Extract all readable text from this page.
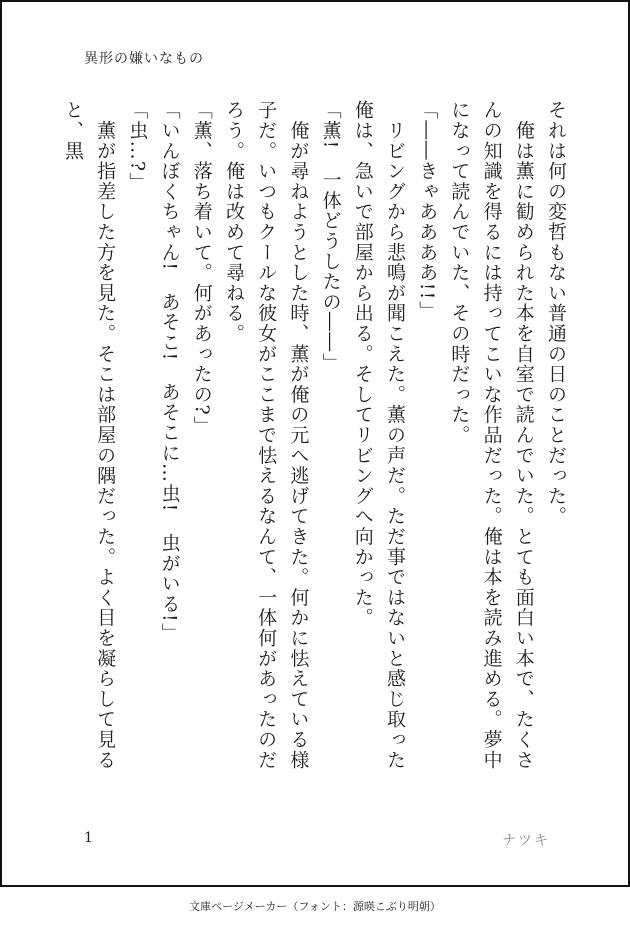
異形の嫌いなもの

それは何の変哲もない普通の日のことだった。

　俺は薫に勧められた本を自室で読んでいた。とても面白い本で、たくさんの知識を得るには持ってこいな作品だった。俺は本を読み進める。夢中になって読んでいた、その時だった。

「――きゃああああ!!」

　リビングから悲鳴が聞こえた。薫の声だ。ただ事ではないと感じ取った俺は、急いで部屋から出る。そしてリビングへ向かった。

「薫!　一体どうしたの――」

　俺が尋ねようとした時、薫が俺の元へ逃げてきた。何かに怯えている様子だ。いつもクールな彼女がここまで怯えるなんて、一体何があったのだろう。俺は改めて尋ねる。

「薫、落ち着いて。何があったの?」

「いんぼくちゃん!　あそこ!　あそこに…虫!　虫がいる!」

「虫…?」

　薫が指差した方を見た。そこは部屋の隅だった。よく目を凝らして見ると、黒

1	ナツキ
文庫ページメーカー（フォント：源暎こぶり明朝）
